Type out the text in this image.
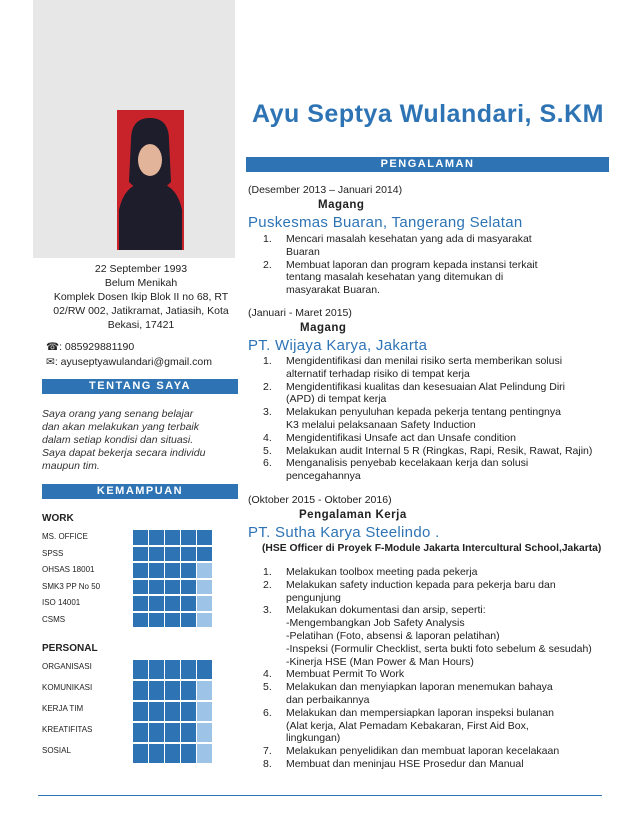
22 September 1993
Belum Menikah
Komplek Dosen Ikip Blok II no 68, RT
02/RW 002, Jatikramat, Jatiasih, Kota
Bekasi, 17421
☎: 085929881190
✉: ayuseptyawulandari@gmail.com
TENTANG SAYA
Saya orang yang senang belajar
dan akan melakukan yang terbaik
dalam setiap kondisi dan situasi.
Saya dapat bekerja secara individu
maupun tim.
KEMAMPUAN
WORK
MS. OFFICE
SPSS
OHSAS 18001
SMK3 PP No 50
ISO 14001
CSMS
PERSONAL
ORGANISASI
KOMUNIKASI
KERJA TIM
KREATIFITAS
SOSIAL
Ayu Septya Wulandari, S.KM
PENGALAMAN
(Desember 2013 – Januari 2014)
Magang
Puskesmas Buaran, Tangerang Selatan
1. Mencari masalah kesehatan yang ada di masyarakat
Buaran
2. Membuat laporan dan program kepada instansi terkait
tentang masalah kesehatan yang ditemukan di
masyarakat Buaran.
(Januari - Maret 2015)
Magang
PT. Wijaya Karya, Jakarta
1. Mengidentifikasi dan menilai risiko serta memberikan solusi
alternatif terhadap risiko di tempat kerja
2. Mengidentifikasi kualitas dan kesesuaian Alat Pelindung Diri
(APD) di tempat kerja
3. Melakukan penyuluhan kepada pekerja tentang pentingnya
K3 melalui pelaksanaan Safety Induction
4. Mengidentifikasi Unsafe act dan Unsafe condition
5. Melakukan audit Internal 5 R (Ringkas, Rapi, Resik, Rawat, Rajin)
6. Menganalisis penyebab kecelakaan kerja dan solusi
pencegahannya
(Oktober 2015 - Oktober 2016)
Pengalaman Kerja
PT. Sutha Karya Steelindo .
(HSE Officer di Proyek F-Module Jakarta Intercultural School,Jakarta)
1. Melakukan toolbox meeting pada pekerja
2. Melakukan safety induction kepada para pekerja baru dan
pengunjung
3. Melakukan dokumentasi dan arsip, seperti:
-Mengembangkan Job Safety Analysis
-Pelatihan (Foto, absensi & laporan pelatihan)
-Inspeksi (Formulir Checklist, serta bukti foto sebelum & sesudah)
-Kinerja HSE (Man Power & Man Hours)
4. Membuat Permit To Work
5. Melakukan dan menyiapkan laporan menemukan bahaya
dan perbaikannya
6. Melakukan dan mempersiapkan laporan inspeksi bulanan
(Alat kerja, Alat Pemadam Kebakaran, First Aid Box,
lingkungan)
7. Melakukan penyelidikan dan membuat laporan kecelakaan
8. Membuat dan meninjau HSE Prosedur dan Manual
